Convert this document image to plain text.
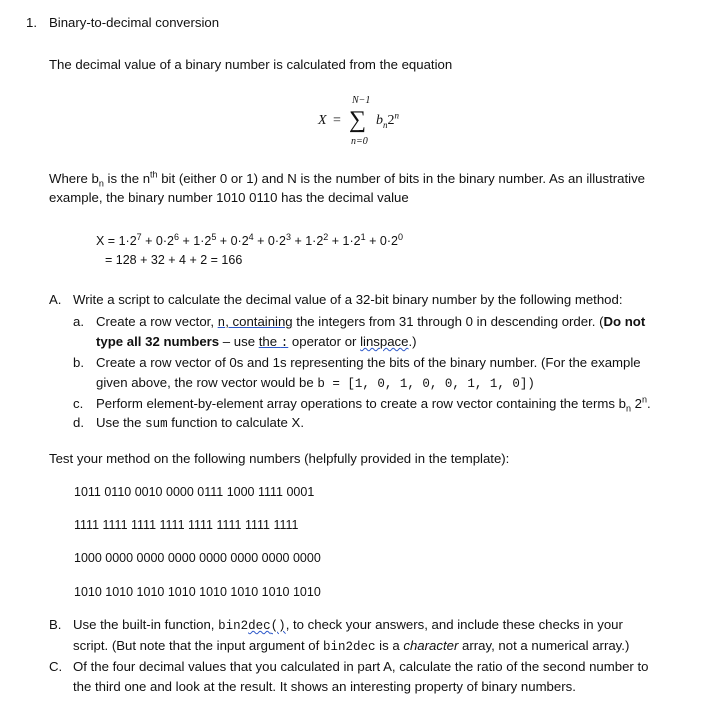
1. Binary-to-decimal conversion
The decimal value of a binary number is calculated from the equation
N−1
X = ∑
n=0
$b_n2^n$
Where $b_n$ is the $n^{th}$ bit (either 0 or 1) and N is the number of bits in the binary number. As an illustrative
example, the binary number 1010 0110 has the decimal value
$X = 1\cdot 2^7 + 0\cdot 2^6 + 1\cdot 2^5 + 0\cdot 2^4 + 0\cdot 2^3 + 1\cdot 2^2 + 1\cdot 2^1 + 0\cdot 2^0$
= 128 + 32 + 4 + 2 = 166
A. Write a script to calculate the decimal value of a 32-bit binary number by the following method:
a. Create a row vector, n, containing the integers from 31 through 0 in descending order. (Do not
type all 32 numbers – use the : operator or linspace.)
b. Create a row vector of 0s and 1s representing the bits of the binary number. (For the example
given above, the row vector would be b = [1, 0, 1, 0, 0, 1, 1, 0])
c. Perform element-by-element array operations to create a row vector containing the terms $b_n$ 2$^n$.
d. Use the sum function to calculate X.
Test your method on the following numbers (helpfully provided in the template):
1011 0110 0010 0000 0111 1000 1111 0001
1111 1111 1111 1111 1111 1111 1111 1111
1000 0000 0000 0000 0000 0000 0000 0000
1010 1010 1010 1010 1010 1010 1010 1010
B. Use the built-in function, bin2dec(), to check your answers, and include these checks in your
script. (But note that the input argument of bin2dec is a character array, not a numerical array.)
C. Of the four decimal values that you calculated in part A, calculate the ratio of the second number to
the third one and look at the result. It shows an interesting property of binary numbers.
